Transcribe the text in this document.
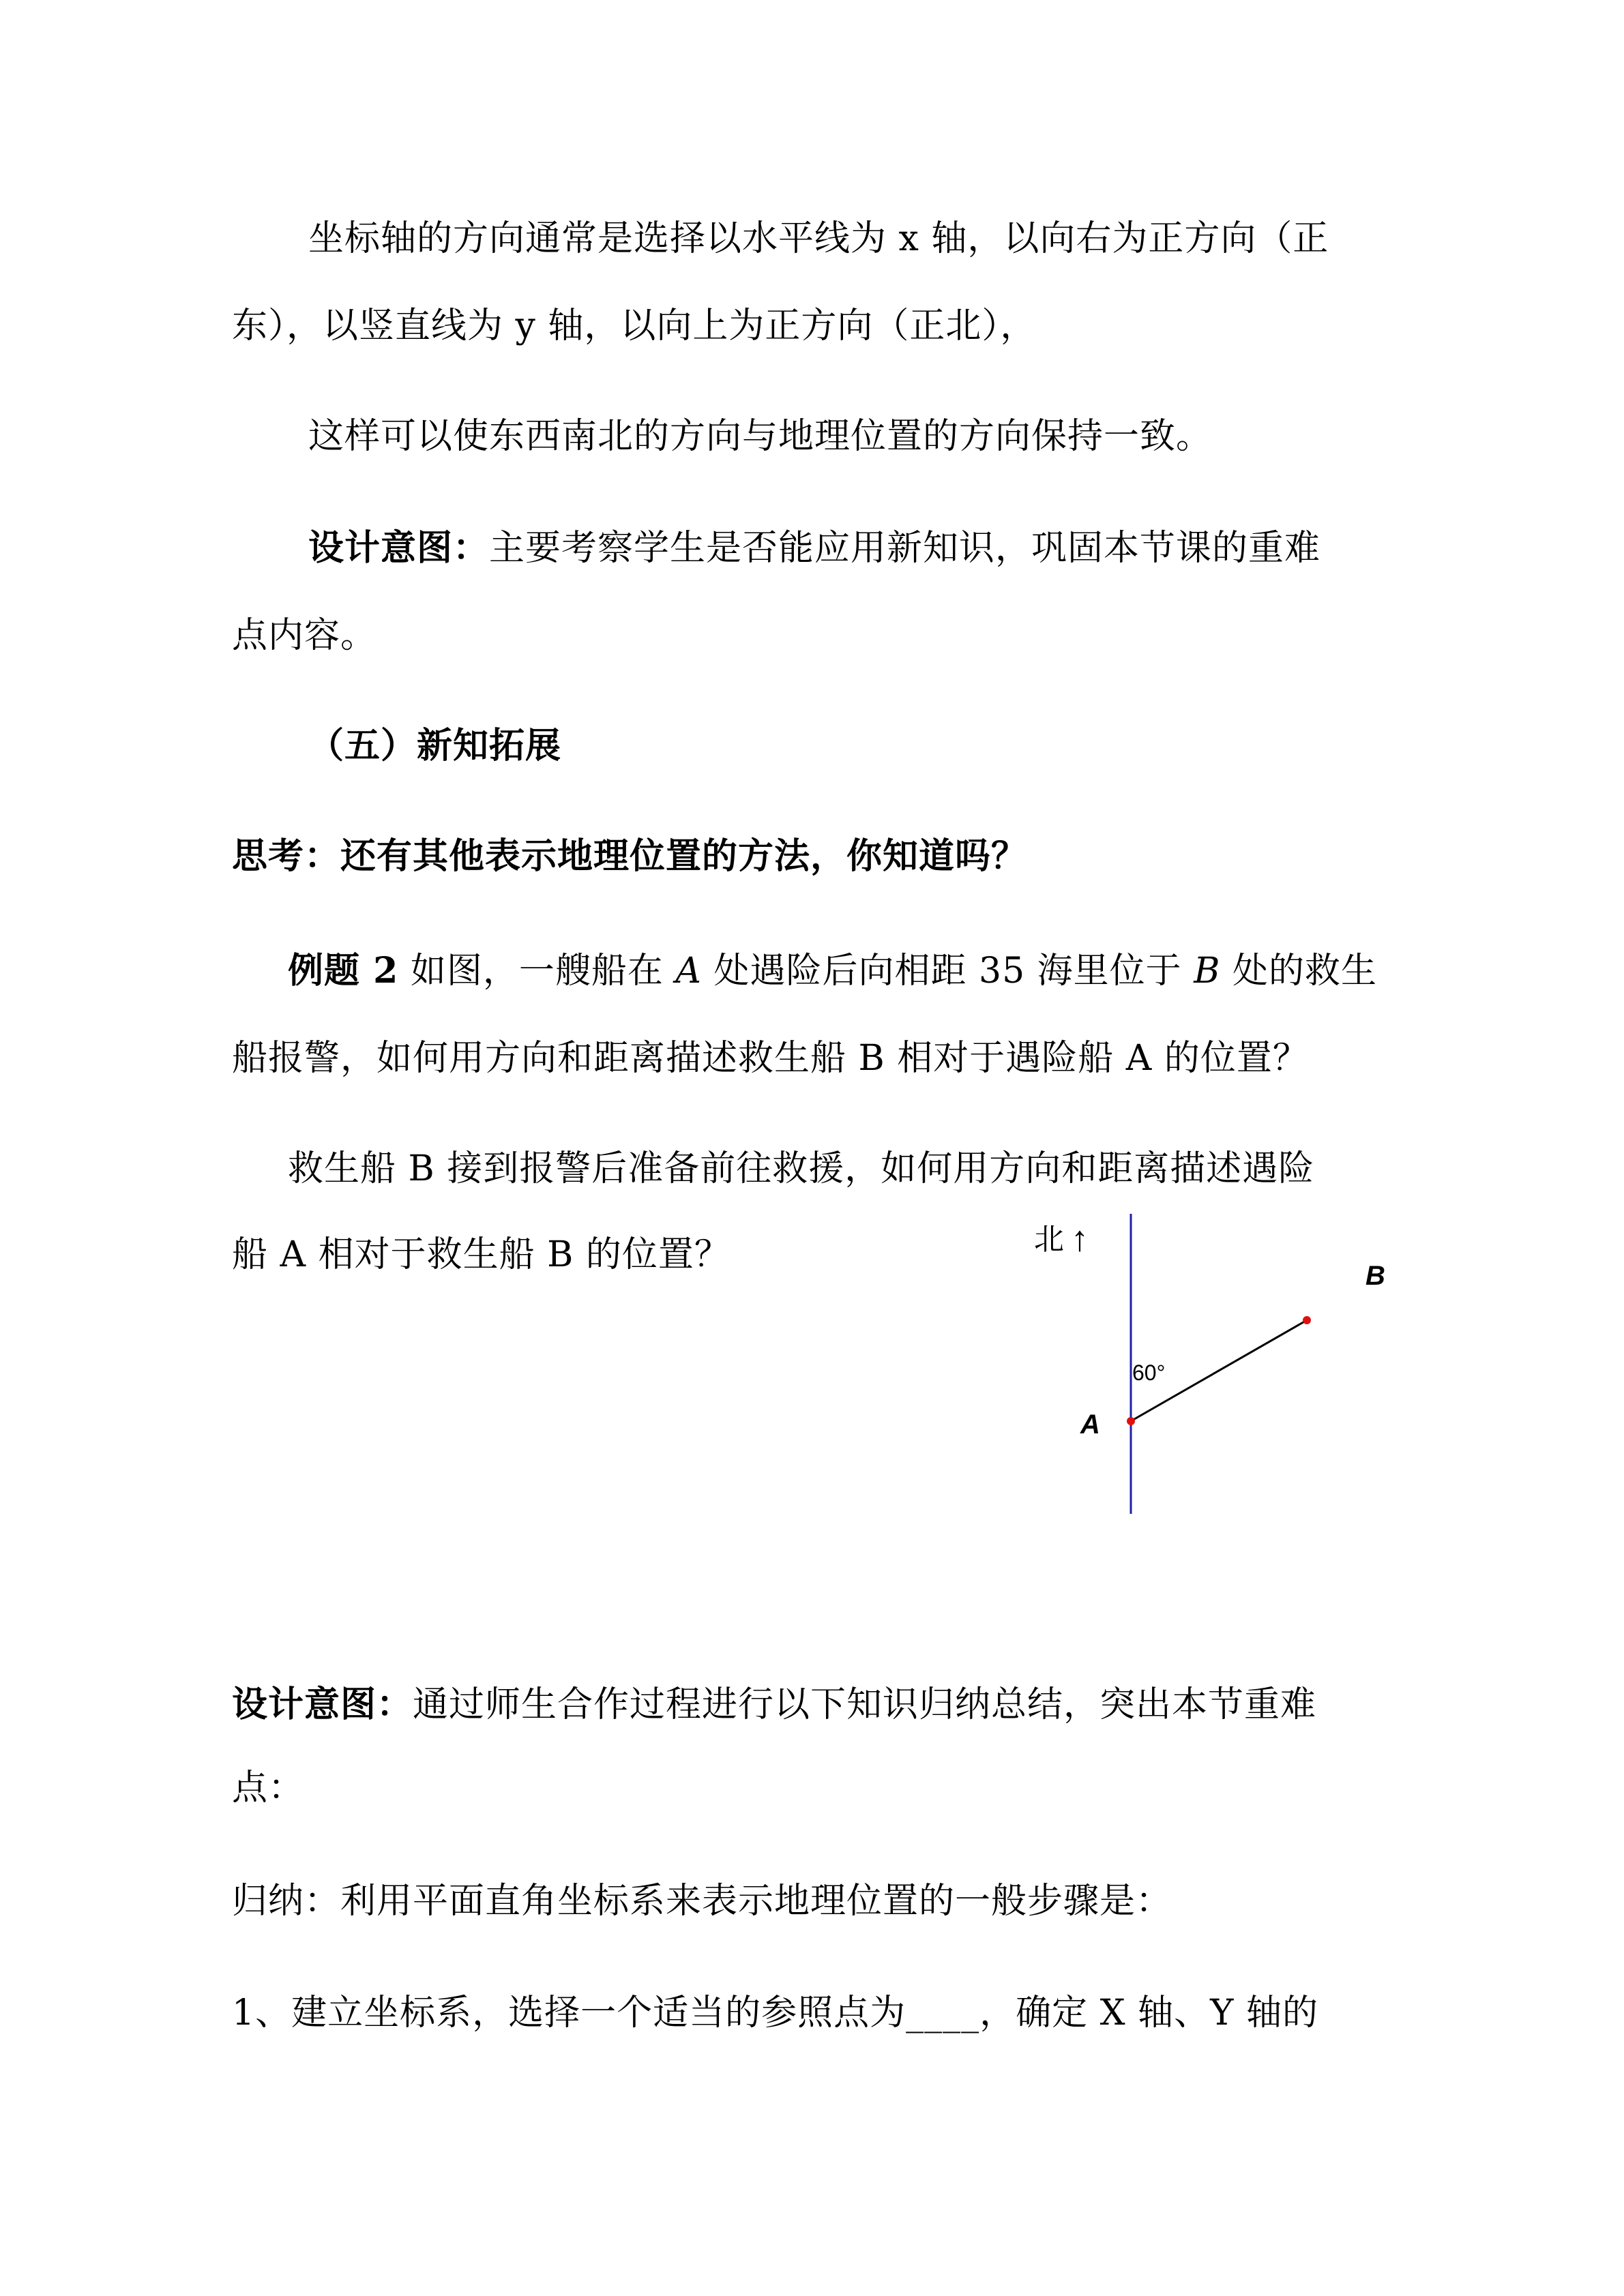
坐标轴的方向通常是选择以水平线为 x 轴，以向右为正方向（正
东），以竖直线为 y 轴，以向上为正方向（正北），
这样可以使东西南北的方向与地理位置的方向保持一致。
设计意图：主要考察学生是否能应用新知识，巩固本节课的重难
点内容。
（五）新知拓展
思考：还有其他表示地理位置的方法，你知道吗？
例题 2 如图，一艘船在 A 处遇险后向相距 35 海里位于 B 处的救生
船报警，如何用方向和距离描述救生船 B 相对于遇险船 A 的位置？
救生船 B 接到报警后准备前往救援，如何用方向和距离描述遇险
船 A 相对于救生船 B 的位置？	北 ↑
60°
A
B
设计意图：通过师生合作过程进行以下知识归纳总结，突出本节重难
点：
归纳：利用平面直角坐标系来表示地理位置的一般步骤是：
1、建立坐标系，选择一个适当的参照点为____，确定 X 轴、Y 轴的
